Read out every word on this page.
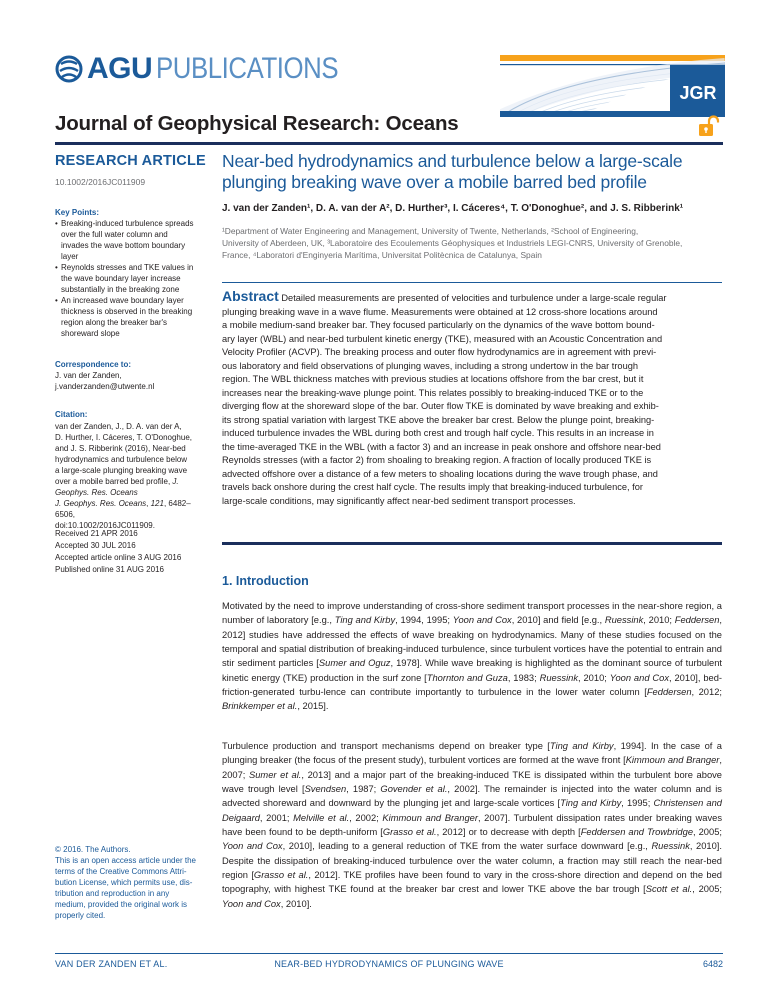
AGU PUBLICATIONS
JGR
Journal of Geophysical Research: Oceans
RESEARCH ARTICLE
10.1002/2016JC011909
Key Points:
• Breaking-induced turbulence spreads
over the full water column and
invades the wave bottom boundary
layer
• Reynolds stresses and TKE values in
the wave boundary layer increase
substantially in the breaking zone
• An increased wave boundary layer
thickness is observed in the breaking
region along the breaker bar's
shoreward slope
Correspondence to:
J. van der Zanden,
j.vanderzanden@utwente.nl
Citation:
van der Zanden, J., D. A. van der A,
D. Hurther, I. Cáceres, T. O'Donoghue,
and J. S. Ribberink (2016), Near-bed
hydrodynamics and turbulence below
a large-scale plunging breaking wave
over a mobile barred bed profile, J. Geophys. Res. Oceans
J. Geophys. Res. Oceans, 121, 6482–6506,
doi:10.1002/2016JC011909.
Received 21 APR 2016
Accepted 30 JUL 2016
Accepted article online 3 AUG 2016
Published online 31 AUG 2016
© 2016. The Authors.
This is an open access article under the
terms of the Creative Commons Attri-
bution License, which permits use, dis-
tribution and reproduction in any
medium, provided the original work is
properly cited.
Near-bed hydrodynamics and turbulence below a large-scale
plunging breaking wave over a mobile barred bed profile
J. van der Zanden¹, D. A. van der A², D. Hurther³, I. Cáceres⁴, T. O'Donoghue², and J. S. Ribberink¹
¹Department of Water Engineering and Management, University of Twente, Netherlands, ²School of Engineering,
University of Aberdeen, UK, ³Laboratoire des Ecoulements Géophysiques et Industriels LEGI-CNRS, University of Grenoble,
France, ⁴Laboratori d'Enginyeria Marítima, Universitat Politècnica de Catalunya, Spain
Abstract Detailed measurements are presented of velocities and turbulence under a large-scale regular
plunging breaking wave in a wave flume. Measurements were obtained at 12 cross-shore locations around
a mobile medium-sand breaker bar. They focused particularly on the dynamics of the wave bottom bound-
ary layer (WBL) and near-bed turbulent kinetic energy (TKE), measured with an Acoustic Concentration and
Velocity Profiler (ACVP). The breaking process and outer flow hydrodynamics are in agreement with previ-
ous laboratory and field observations of plunging waves, including a strong undertow in the bar trough
region. The WBL thickness matches with previous studies at locations offshore from the bar crest, but it
increases near the breaking-wave plunge point. This relates possibly to breaking-induced TKE or to the
diverging flow at the shoreward slope of the bar. Outer flow TKE is dominated by wave breaking and exhib-
its strong spatial variation with largest TKE above the breaker bar crest. Below the plunge point, breaking-
induced turbulence invades the WBL during both crest and trough half cycle. This results in an increase in
the time-averaged TKE in the WBL (with a factor 3) and an increase in peak onshore and offshore near-bed
Reynolds stresses (with a factor 2) from shoaling to breaking region. A fraction of locally produced TKE is
advected offshore over a distance of a few meters to shoaling locations during the wave trough phase, and
travels back onshore during the crest half cycle. The results imply that breaking-induced turbulence, for
large-scale conditions, may significantly affect near-bed sediment transport processes.
1. Introduction
Motivated by the need to improve understanding of cross-shore sediment transport processes in the near-shore region, a number of laboratory [e.g., Ting and Kirby, 1994, 1995; Yoon and Cox, 2010] and field [e.g., Ruessink, 2010; Feddersen, 2012] studies have addressed the effects of wave breaking on hydrodynamics. Many of these studies focused on the temporal and spatial distribution of breaking-induced turbulence, since turbulent vortices have the potential to entrain and stir sediment particles [Sumer and Oguz, 1978]. While wave breaking is highlighted as the dominant source of turbulent kinetic energy (TKE) production in the surf zone [Thornton and Guza, 1983; Ruessink, 2010; Yoon and Cox, 2010], bed-friction-generated turbu-lence can contribute importantly to turbulence in the lower water column [Feddersen, 2012; Brinkkemper et al., 2015].
Turbulence production and transport mechanisms depend on breaker type [Ting and Kirby, 1994]. In the case of a plunging breaker (the focus of the present study), turbulent vortices are formed at the wave front [Kimmoun and Branger, 2007; Sumer et al., 2013] and a major part of the breaking-induced TKE is dissipated within the turbulent bore above wave trough level [Svendsen, 1987; Govender et al., 2002]. The remainder is injected into the water column and is advected shoreward and downward by the plunging jet and large-scale vortices [Ting and Kirby, 1995; Christensen and Deigaard, 2001; Melville et al., 2002; Kimmoun and Branger, 2007]. Turbulent dissipation rates under breaking waves have been found to be depth-uniform [Grasso et al., 2012] or to decrease with depth [Feddersen and Trowbridge, 2005; Yoon and Cox, 2010], leading to a general reduction of TKE from the water surface downward [e.g., Ruessink, 2010]. Despite the dissipation of breaking-induced turbulence over the water column, a fraction may still reach the near-bed region [Grasso et al., 2012]. TKE profiles have been found to vary in the cross-shore direction and depend on the bed topography, with highest TKE found at the breaker bar crest and lower TKE above the bar trough [Scott et al., 2005; Yoon and Cox, 2010].
NEAR-BED HYDRODYNAMICS OF PLUNGING WAVE
VAN DER ZANDEN ET AL.	6482
